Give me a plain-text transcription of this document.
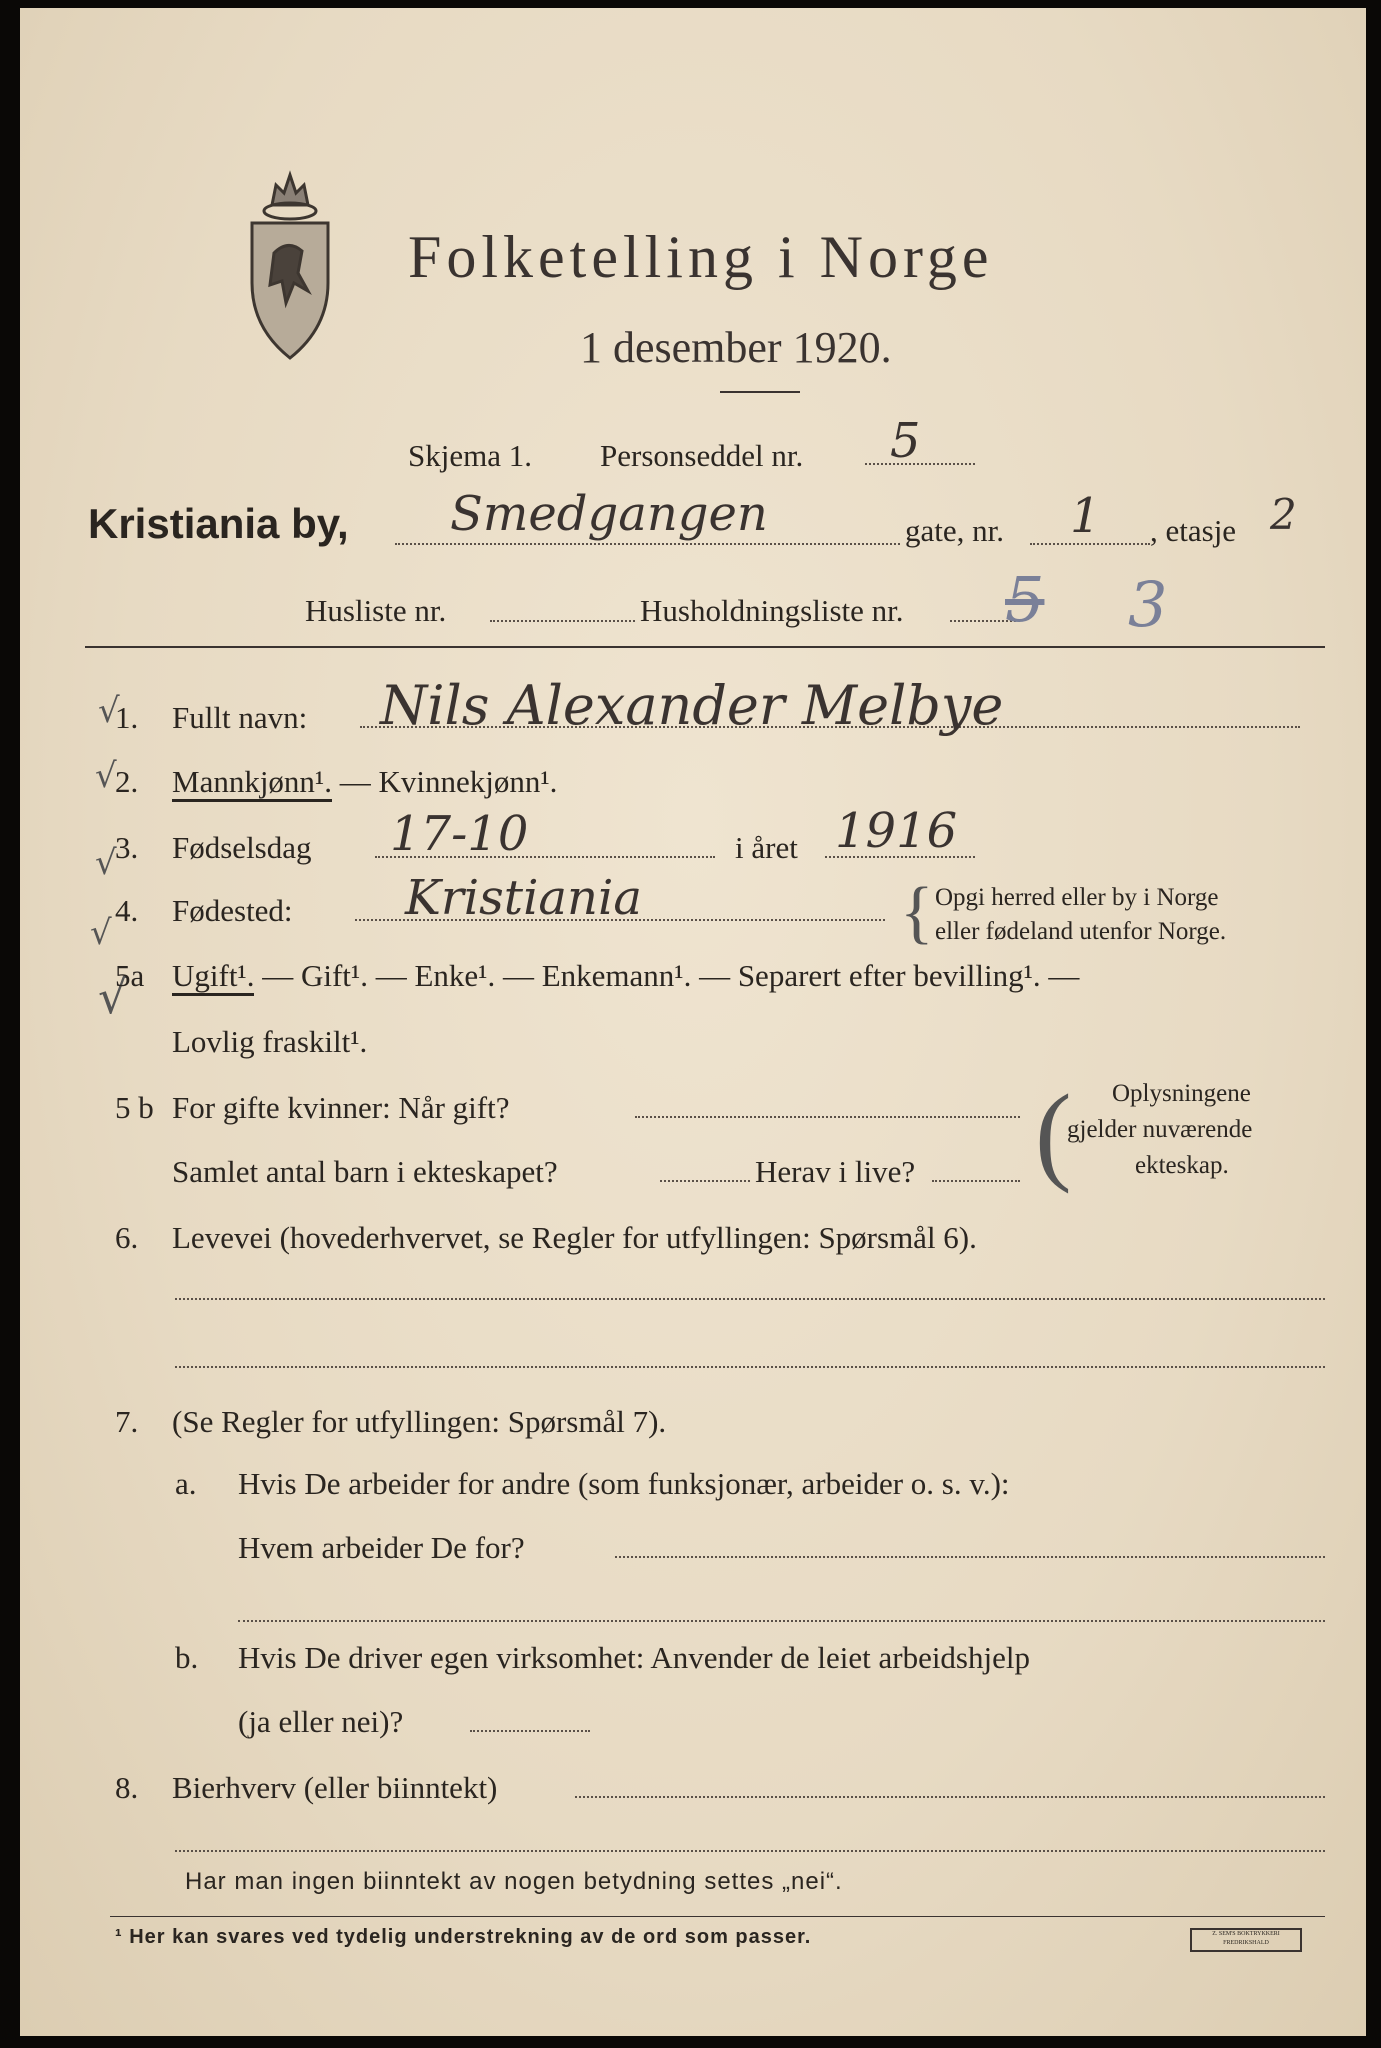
Folketelling i Norge
1 desember 1920.
Skjema 1. Personseddel nr. 5
Kristiania by, Smedgangen	gate, nr. 1 , etasje 2
Husliste nr.	Husholdningsliste nr. 5 3
√
1. Fullt navn: Nils Alexander Melbye
√
2. Mannkjønn¹. — Kvinnekjønn¹.
√
3. Fødselsdag 17-10	i året 1916
√
4. Fødested: Kristiania	{ Opgi herred eller by i Norge
eller fødeland utenfor Norge.
√
5a Ugift¹. — Gift¹. — Enke¹. — Enkemann¹. — Separert efter bevilling¹. —
Lovlig fraskilt¹.
5 b For gifte kvinner: Når gift?
Samlet antal barn i ekteskapet?	Herav i live? ( Oplysningene
gjelder nuværende
ekteskap.
6. Levevei (hovederhvervet, se Regler for utfyllingen: Spørsmål 6).
7. (Se Regler for utfyllingen: Spørsmål 7).
a. Hvis De arbeider for andre (som funksjonær, arbeider o. s. v.):
Hvem arbeider De for?
b. Hvis De driver egen virksomhet: Anvender de leiet arbeidshjelp
(ja eller nei)?
8. Bierhverv (eller biinntekt)
Har man ingen biinntekt av nogen betydning settes „nei“.
¹ Her kan svares ved tydelig understrekning av de ord som passer.	Z. SEM'S BOKTRYKKERI FREDRIKSHALD
